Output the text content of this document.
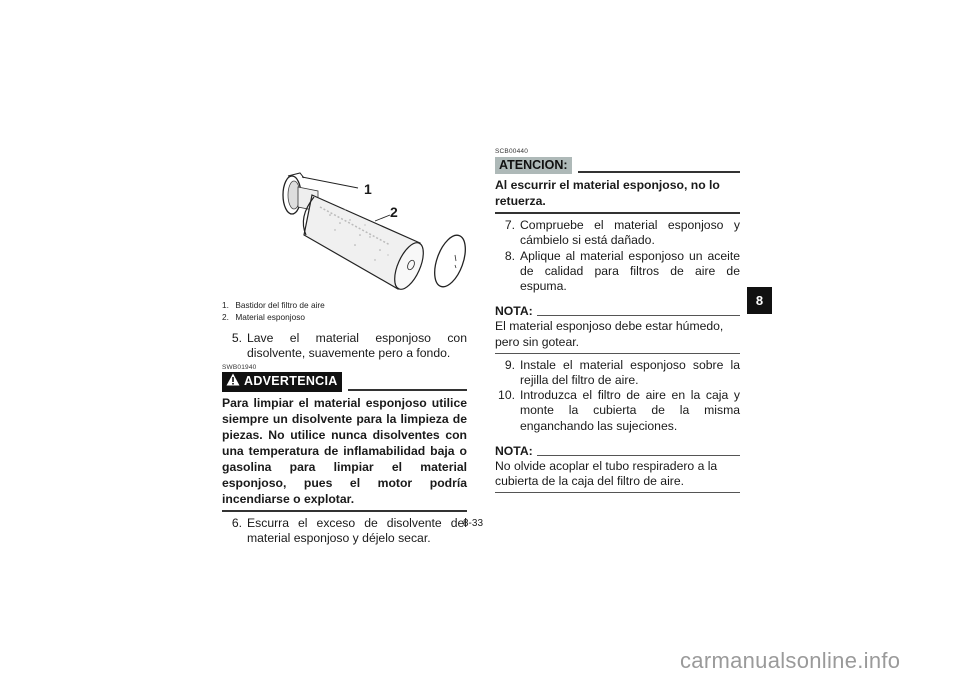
1
2
1. Bastidor del filtro de aire
2. Material esponjoso
5. Lave el material esponjoso con disolvente, suavemente pero a fondo.
SWB01940
ADVERTENCIA
Para limpiar el material esponjoso utilice siempre un disolvente para la limpieza de piezas. No utilice nunca disolventes con una temperatura de inflamabilidad baja o gasolina para limpiar el material esponjoso, pues el motor podría incendiarse o explotar.
6. Escurra el exceso de disolvente del material esponjoso y déjelo secar.
SCB00440
ATENCION:
Al escurrir el material esponjoso, no lo retuerza.
7. Compruebe el material esponjoso y cámbielo si está dañado.
8. Aplique al material esponjoso un aceite de calidad para filtros de aire de espuma.
NOTA:
El material esponjoso debe estar húmedo, pero sin gotear.
9. Instale el material esponjoso sobre la rejilla del filtro de aire.
10. Introduzca el filtro de aire en la caja y monte la cubierta de la misma enganchando las sujeciones.
NOTA:
No olvide acoplar el tubo respiradero a la cubierta de la caja del filtro de aire.
8
8-33
carmanualsonline.info
